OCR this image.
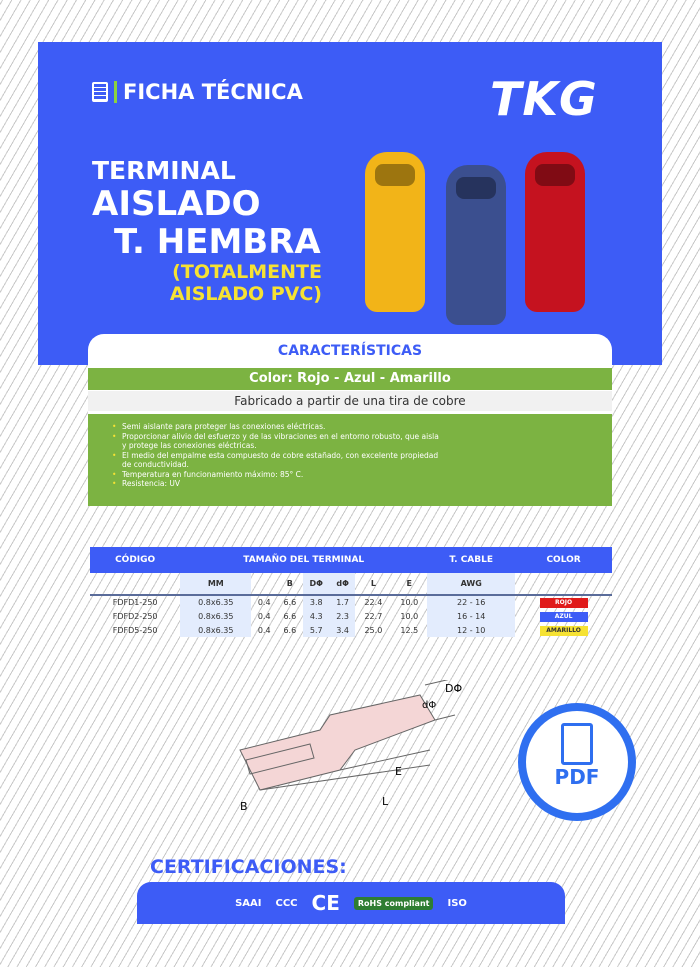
FICHA TÉCNICA	TKG
TERMINAL
AISLADO
T. HEMBRA
(TOTALMENTE AISLADO PVC)
CARACTERÍSTICAS
Color: Rojo - Azul - Amarillo
Fabricado a partir de una tira de cobre
• Semi aislante para proteger las conexiones eléctricas.
• Proporcionar alivio del esfuerzo y de las vibraciones en el entorno robusto, que aisla y protege las conexiones eléctricas.
• El medio del empalme esta compuesto de cobre estañado, con excelente propiedad de conductividad.
• Temperatura en funcionamiento máximo: 85° C.
• Resistencia: UV
CÓDIGO	TAMAÑO DEL TERMINAL							T. CABLE	COLOR
	MM		B	DΦ	dΦ	L	E	AWG	
FDFD1-250	0.8x6.35	0.4	6.6	3.8	1.7	22.4	10.0	22 - 16	ROJO
FDFD2-250	0.8x6.35	0.4	6.6	4.3	2.3	22.7	10.0	16 - 14	AZUL
FDFD5-250	0.8x6.35	0.4	6.6	5.7	3.4	25.0	12.5	12 - 10	AMARILLO
DΦ
dΦ
E
L
B
PDF
CERTIFICACIONES:
SAAI CCC CE	RoHS compliant	ISO
